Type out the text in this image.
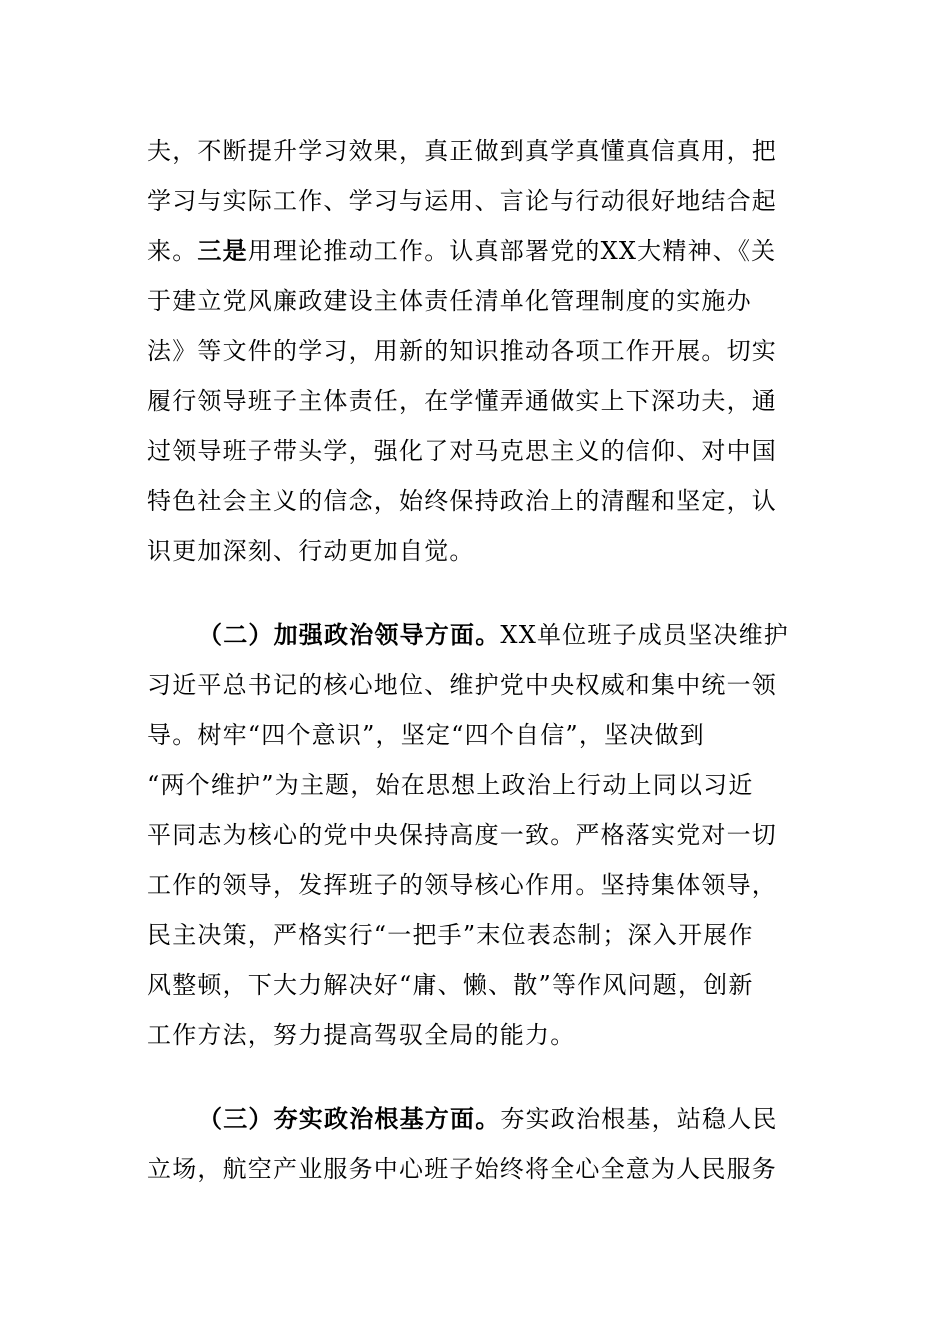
夫，不断提升学习效果，真正做到真学真懂真信真用，把
学习与实际工作、学习与运用、言论与行动很好地结合起
来。三是用理论推动工作。认真部署党的XX大精神、《关
于建立党风廉政建设主体责任清单化管理制度的实施办
法》等文件的学习，用新的知识推动各项工作开展。切实
履行领导班子主体责任，在学懂弄通做实上下深功夫，通
过领导班子带头学，强化了对马克思主义的信仰、对中国
特色社会主义的信念，始终保持政治上的清醒和坚定，认
识更加深刻、行动更加自觉。
（二）加强政治领导方面。XX单位班子成员坚决维护
习近平总书记的核心地位、维护党中央权威和集中统一领
导。树牢“四个意识”，坚定“四个自信”，坚决做到
“两个维护”为主题，始在思想上政治上行动上同以习近
平同志为核心的党中央保持高度一致。严格落实党对一切
工作的领导，发挥班子的领导核心作用。坚持集体领导，
民主决策，严格实行“一把手”末位表态制；深入开展作
风整顿，下大力解决好“庸、懒、散”等作风问题，创新
工作方法，努力提高驾驭全局的能力。
（三）夯实政治根基方面。夯实政治根基，站稳人民
立场，航空产业服务中心班子始终将全心全意为人民服务
